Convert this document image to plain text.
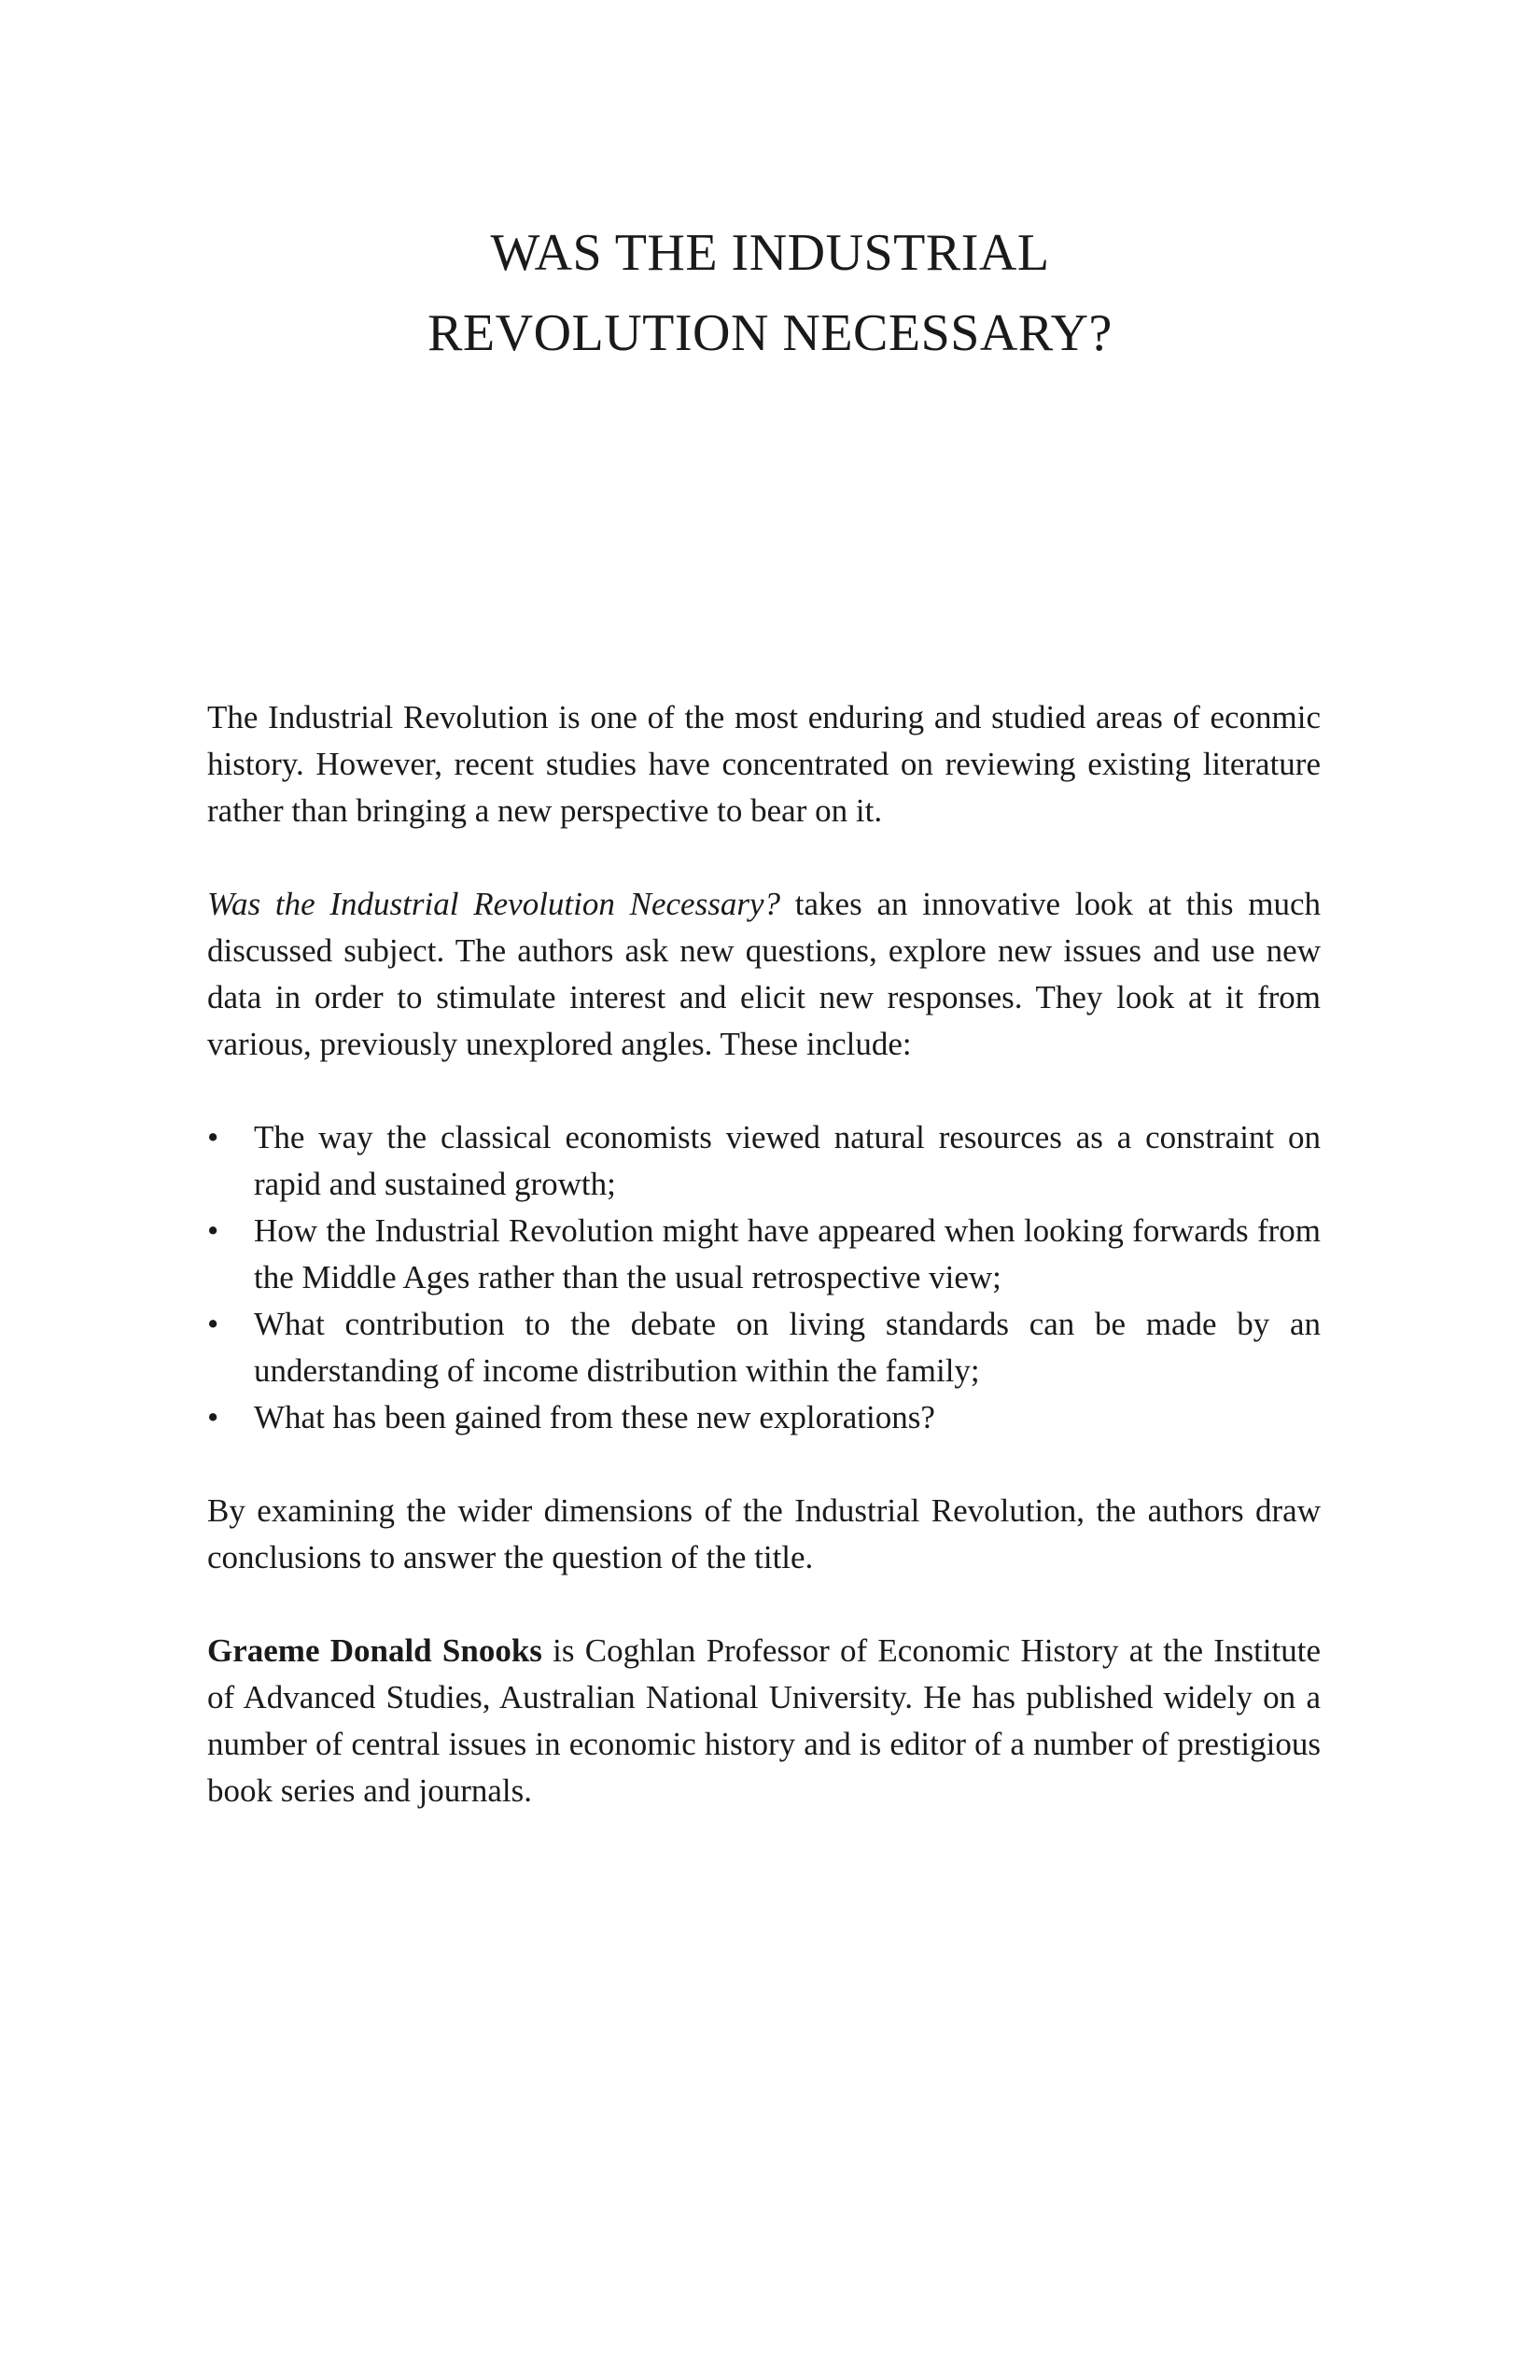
WAS THE INDUSTRIAL
REVOLUTION NECESSARY?

The Industrial Revolution is one of the most enduring and studied areas of econmic history. However, recent studies have concentrated on reviewing existing literature rather than bringing a new perspective to bear on it.

Was the Industrial Revolution Necessary? takes an innovative look at this much discussed subject. The authors ask new questions, explore new issues and use new data in order to stimulate interest and elicit new responses. They look at it from various, previously unexplored angles. These include:

•	The way the classical economists viewed natural resources as a constraint on rapid and sustained growth;
•	How the Industrial Revolution might have appeared when looking forwards from the Middle Ages rather than the usual retrospective view;
•	What contribution to the debate on living standards can be made by an understanding of income distribution within the family;
•	What has been gained from these new explorations?

By examining the wider dimensions of the Industrial Revolution, the authors draw conclusions to answer the question of the title.

Graeme Donald Snooks is Coghlan Professor of Economic History at the Institute of Advanced Studies, Australian National University. He has published widely on a number of central issues in economic history and is editor of a number of prestigious book series and journals.
